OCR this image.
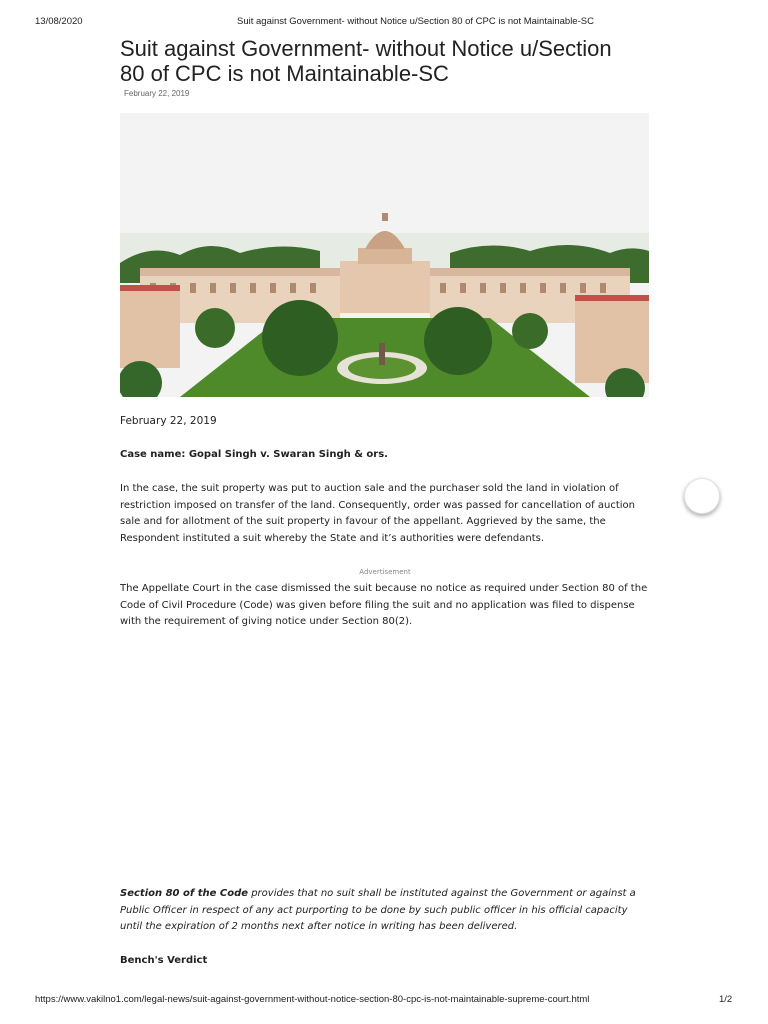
13/08/2020	Suit against Government- without Notice u/Section 80 of CPC is not Maintainable-SC
Suit against Government- without Notice u/Section 80 of CPC is not Maintainable-SC
February 22, 2019
February 22, 2019
Case name: Gopal Singh v. Swaran Singh & ors.

In the case, the suit property was put to auction sale and the purchaser sold the land in violation of restriction imposed on transfer of the land. Consequently, order was passed for cancellation of auction sale and for allotment of the suit property in favour of the appellant. Aggrieved by the same, the Respondent instituted a suit whereby the State and it’s authorities were defendants.

Advertisement

The Appellate Court in the case dismissed the suit because no notice as required under Section 80 of the Code of Civil Procedure (Code) was given before filing the suit and no application was filed to dispense with the requirement of giving notice under Section 80(2).

Section 80 of the Code provides that no suit shall be instituted against the Government or against a Public Officer in respect of any act purporting to be done by such public officer in his official capacity until the expiration of 2 months next after notice in writing has been delivered.

Bench's Verdict
https://www.vakilno1.com/legal-news/suit-against-government-without-notice-section-80-cpc-is-not-maintainable-supreme-court.html	1/2
